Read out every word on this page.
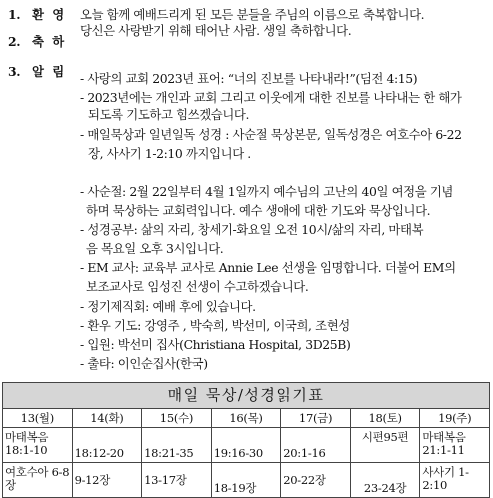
1. 환 영 오늘 함께 예배드리게 된 모든 분들을 주님의 이름으로 축복합니다.
2. 축 하
당신은 사랑받기 위해 태어난 사람. 생일 축하합니다.
3. 알 림 - 사랑의 교회 2023년 표어: “너의 진보를 나타내라!”(딤전 4:15)
- 2023년에는 개인과 교회 그리고 이웃에게 대한 진보를 나타내는 한 해가
되도록 기도하고 힘쓰겠습니다.
- 매일묵상과 일년일독 성경 : 사순절 묵상본문, 일독성경은 여호수아 6-22
장, 사사기 1-2:10 까지입니다 .
- 사순절: 2월 22일부터 4월 1일까지 예수님의 고난의 40일 여정을 기념
하며 묵상하는 교회력입니다. 예수 생애에 대한 기도와 묵상입니다.
- 성경공부: 삶의 자리, 창세기-화요일 오전 10시/삶의 자리, 마태복
음 목요일 오후 3시입니다.
- EM 교사: 교육부 교사로 Annie Lee 선생을 임명합니다. 더불어 EM의
보조교사로 임성진 선생이 수고하겠습니다.
- 정기제직회: 예배 후에 있습니다.
- 환우 기도: 강영주 , 박숙희, 박선미, 이국희, 조현성
- 입원: 박선미 집사(Christiana Hospital, 3D25B)
- 출타: 이인순집사(한국)
매일 묵상/성경읽기표						
13(월)	14(화)	15(수)	16(목)	17(금)	18(토)	19(주)
마태복음 18:1-10	18:12-20	18:21-35	19:16-30	20:1-16	시편95편	마태복음 21:1-11
여호수아 6-8장	9-12장	13-17장	18-19장	20-22장	23-24장	사사기 1-2:10
